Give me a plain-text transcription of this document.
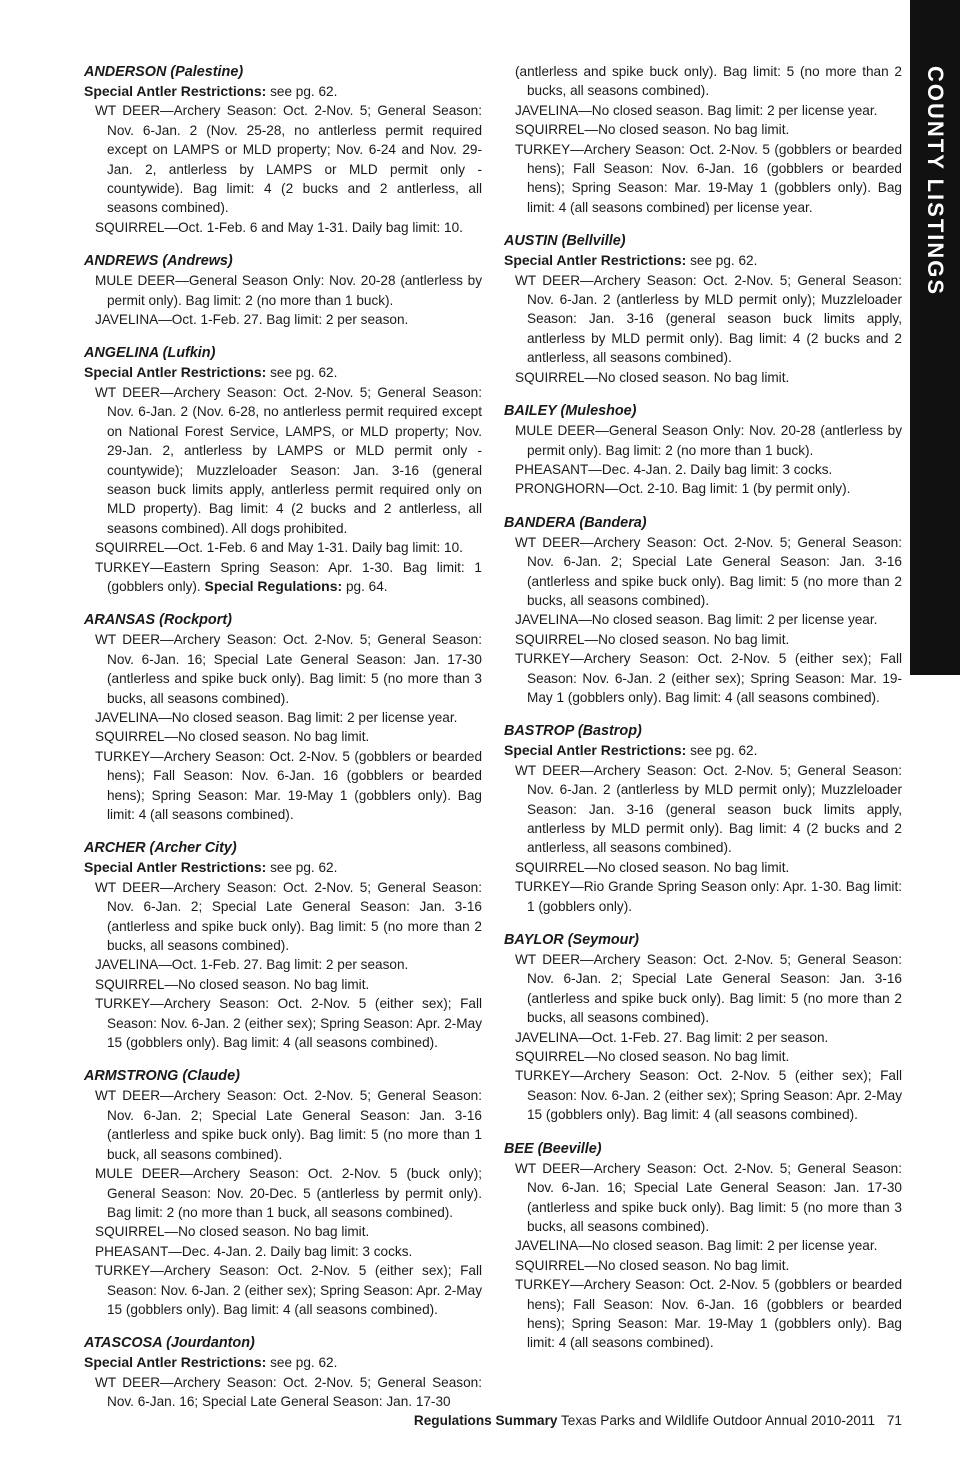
COUNTY LISTINGS
ANDERSON (Palestine)
Special Antler Restrictions: see pg. 62.
WT DEER—Archery Season: Oct. 2-Nov. 5; General Season: Nov. 6-Jan. 2 (Nov. 25-28, no antlerless permit required except on LAMPS or MLD property; Nov. 6-24 and Nov. 29-Jan. 2, antlerless by LAMPS or MLD permit only - countywide). Bag limit: 4 (2 bucks and 2 antlerless, all seasons combined).
SQUIRREL—Oct. 1-Feb. 6 and May 1-31. Daily bag limit: 10.
ANDREWS (Andrews)
MULE DEER—General Season Only: Nov. 20-28 (antlerless by permit only). Bag limit: 2 (no more than 1 buck).
JAVELINA—Oct. 1-Feb. 27. Bag limit: 2 per season.
ANGELINA (Lufkin)
Special Antler Restrictions: see pg. 62.
WT DEER—Archery Season: Oct. 2-Nov. 5; General Season: Nov. 6-Jan. 2 (Nov. 6-28, no antlerless permit required except on National Forest Service, LAMPS, or MLD property; Nov. 29-Jan. 2, antlerless by LAMPS or MLD permit only - countywide); Muzzleloader Season: Jan. 3-16 (general season buck limits apply, antlerless permit required only on MLD property). Bag limit: 4 (2 bucks and 2 antlerless, all seasons combined). All dogs prohibited.
SQUIRREL—Oct. 1-Feb. 6 and May 1-31. Daily bag limit: 10.
TURKEY—Eastern Spring Season: Apr. 1-30. Bag limit: 1 (gobblers only). Special Regulations: pg. 64.
ARANSAS (Rockport)
WT DEER—Archery Season: Oct. 2-Nov. 5; General Season: Nov. 6-Jan. 16; Special Late General Season: Jan. 17-30 (antlerless and spike buck only). Bag limit: 5 (no more than 3 bucks, all seasons combined).
JAVELINA—No closed season. Bag limit: 2 per license year.
SQUIRREL—No closed season. No bag limit.
TURKEY—Archery Season: Oct. 2-Nov. 5 (gobblers or bearded hens); Fall Season: Nov. 6-Jan. 16 (gobblers or bearded hens); Spring Season: Mar. 19-May 1 (gobblers only). Bag limit: 4 (all seasons combined).
ARCHER (Archer City)
Special Antler Restrictions: see pg. 62.
WT DEER—Archery Season: Oct. 2-Nov. 5; General Season: Nov. 6-Jan. 2; Special Late General Season: Jan. 3-16 (antlerless and spike buck only). Bag limit: 5 (no more than 2 bucks, all seasons combined).
JAVELINA—Oct. 1-Feb. 27. Bag limit: 2 per season.
SQUIRREL—No closed season. No bag limit.
TURKEY—Archery Season: Oct. 2-Nov. 5 (either sex); Fall Season: Nov. 6-Jan. 2 (either sex); Spring Season: Apr. 2-May 15 (gobblers only). Bag limit: 4 (all seasons combined).
ARMSTRONG (Claude)
WT DEER—Archery Season: Oct. 2-Nov. 5; General Season: Nov. 6-Jan. 2; Special Late General Season: Jan. 3-16 (antlerless and spike buck only). Bag limit: 5 (no more than 1 buck, all seasons combined).
MULE DEER—Archery Season: Oct. 2-Nov. 5 (buck only); General Season: Nov. 20-Dec. 5 (antlerless by permit only). Bag limit: 2 (no more than 1 buck, all seasons combined).
SQUIRREL—No closed season. No bag limit.
PHEASANT—Dec. 4-Jan. 2. Daily bag limit: 3 cocks.
TURKEY—Archery Season: Oct. 2-Nov. 5 (either sex); Fall Season: Nov. 6-Jan. 2 (either sex); Spring Season: Apr. 2-May 15 (gobblers only). Bag limit: 4 (all seasons combined).
ATASCOSA (Jourdanton)
Special Antler Restrictions: see pg. 62.
WT DEER—Archery Season: Oct. 2-Nov. 5; General Season: Nov. 6-Jan. 16; Special Late General Season: Jan. 17-30
(antlerless and spike buck only). Bag limit: 5 (no more than 2 bucks, all seasons combined).
JAVELINA—No closed season. Bag limit: 2 per license year.
SQUIRREL—No closed season. No bag limit.
TURKEY—Archery Season: Oct. 2-Nov. 5 (gobblers or bearded hens); Fall Season: Nov. 6-Jan. 16 (gobblers or bearded hens); Spring Season: Mar. 19-May 1 (gobblers only). Bag limit: 4 (all seasons combined) per license year.
AUSTIN (Bellville)
Special Antler Restrictions: see pg. 62.
WT DEER—Archery Season: Oct. 2-Nov. 5; General Season: Nov. 6-Jan. 2 (antlerless by MLD permit only); Muzzleloader Season: Jan. 3-16 (general season buck limits apply, antlerless by MLD permit only). Bag limit: 4 (2 bucks and 2 antlerless, all seasons combined).
SQUIRREL—No closed season. No bag limit.
BAILEY (Muleshoe)
MULE DEER—General Season Only: Nov. 20-28 (antlerless by permit only). Bag limit: 2 (no more than 1 buck).
PHEASANT—Dec. 4-Jan. 2. Daily bag limit: 3 cocks.
PRONGHORN—Oct. 2-10. Bag limit: 1 (by permit only).
BANDERA (Bandera)
WT DEER—Archery Season: Oct. 2-Nov. 5; General Season: Nov. 6-Jan. 2; Special Late General Season: Jan. 3-16 (antlerless and spike buck only). Bag limit: 5 (no more than 2 bucks, all seasons combined).
JAVELINA—No closed season. Bag limit: 2 per license year.
SQUIRREL—No closed season. No bag limit.
TURKEY—Archery Season: Oct. 2-Nov. 5 (either sex); Fall Season: Nov. 6-Jan. 2 (either sex); Spring Season: Mar. 19-May 1 (gobblers only). Bag limit: 4 (all seasons combined).
BASTROP (Bastrop)
Special Antler Restrictions: see pg. 62.
WT DEER—Archery Season: Oct. 2-Nov. 5; General Season: Nov. 6-Jan. 2 (antlerless by MLD permit only); Muzzleloader Season: Jan. 3-16 (general season buck limits apply, antlerless by MLD permit only). Bag limit: 4 (2 bucks and 2 antlerless, all seasons combined).
SQUIRREL—No closed season. No bag limit.
TURKEY—Rio Grande Spring Season only: Apr. 1-30. Bag limit: 1 (gobblers only).
BAYLOR (Seymour)
WT DEER—Archery Season: Oct. 2-Nov. 5; General Season: Nov. 6-Jan. 2; Special Late General Season: Jan. 3-16 (antlerless and spike buck only). Bag limit: 5 (no more than 2 bucks, all seasons combined).
JAVELINA—Oct. 1-Feb. 27. Bag limit: 2 per season.
SQUIRREL—No closed season. No bag limit.
TURKEY—Archery Season: Oct. 2-Nov. 5 (either sex); Fall Season: Nov. 6-Jan. 2 (either sex); Spring Season: Apr. 2-May 15 (gobblers only). Bag limit: 4 (all seasons combined).
BEE (Beeville)
WT DEER—Archery Season: Oct. 2-Nov. 5; General Season: Nov. 6-Jan. 16; Special Late General Season: Jan. 17-30 (antlerless and spike buck only). Bag limit: 5 (no more than 3 bucks, all seasons combined).
JAVELINA—No closed season. Bag limit: 2 per license year.
SQUIRREL—No closed season. No bag limit.
TURKEY—Archery Season: Oct. 2-Nov. 5 (gobblers or bearded hens); Fall Season: Nov. 6-Jan. 16 (gobblers or bearded hens); Spring Season: Mar. 19-May 1 (gobblers only). Bag limit: 4 (all seasons combined).
Regulations Summary Texas Parks and Wildlife Outdoor Annual 2010-2011 71
